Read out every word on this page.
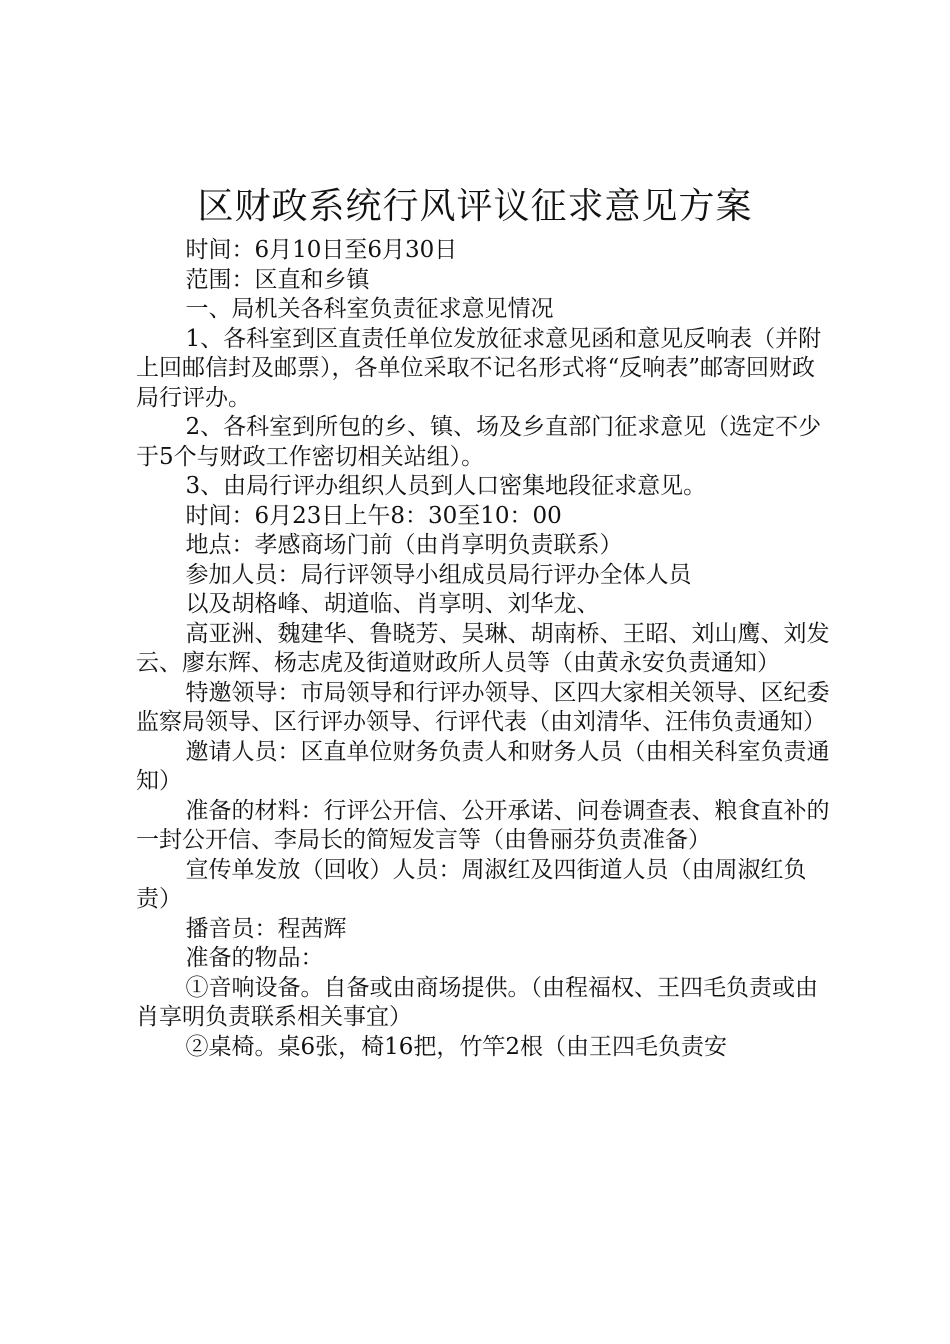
区财政系统行风评议征求意见方案

时间：6月10日至6月30日

范围：区直和乡镇

一、局机关各科室负责征求意见情况

1、各科室到区直责任单位发放征求意见函和意见反响表（并附上回邮信封及邮票），各单位采取不记名形式将“反响表”邮寄回财政局行评办。

2、各科室到所包的乡、镇、场及乡直部门征求意见（选定不少于5个与财政工作密切相关站组）。

3、由局行评办组织人员到人口密集地段征求意见。

时间：6月23日上午8：30至10：00

地点：孝感商场门前（由肖享明负责联系）

参加人员：局行评领导小组成员局行评办全体人员

以及胡格峰、胡道临、肖享明、刘华龙、

高亚洲、魏建华、鲁晓芳、吴琳、胡南桥、王昭、刘山鹰、刘发云、廖东辉、杨志虎及街道财政所人员等（由黄永安负责通知）

特邀领导：市局领导和行评办领导、区四大家相关领导、区纪委监察局领导、区行评办领导、行评代表（由刘清华、汪伟负责通知）

邀请人员：区直单位财务负责人和财务人员（由相关科室负责通知）

准备的材料：行评公开信、公开承诺、问卷调查表、粮食直补的一封公开信、李局长的简短发言等（由鲁丽芬负责准备）

宣传单发放（回收）人员：周淑红及四街道人员（由周淑红负责）

播音员：程茜辉

准备的物品：

①音响设备。自备或由商场提供。（由程福权、王四毛负责或由肖享明负责联系相关事宜）

②桌椅。桌6张，椅16把，竹竿2根（由王四毛负责安
